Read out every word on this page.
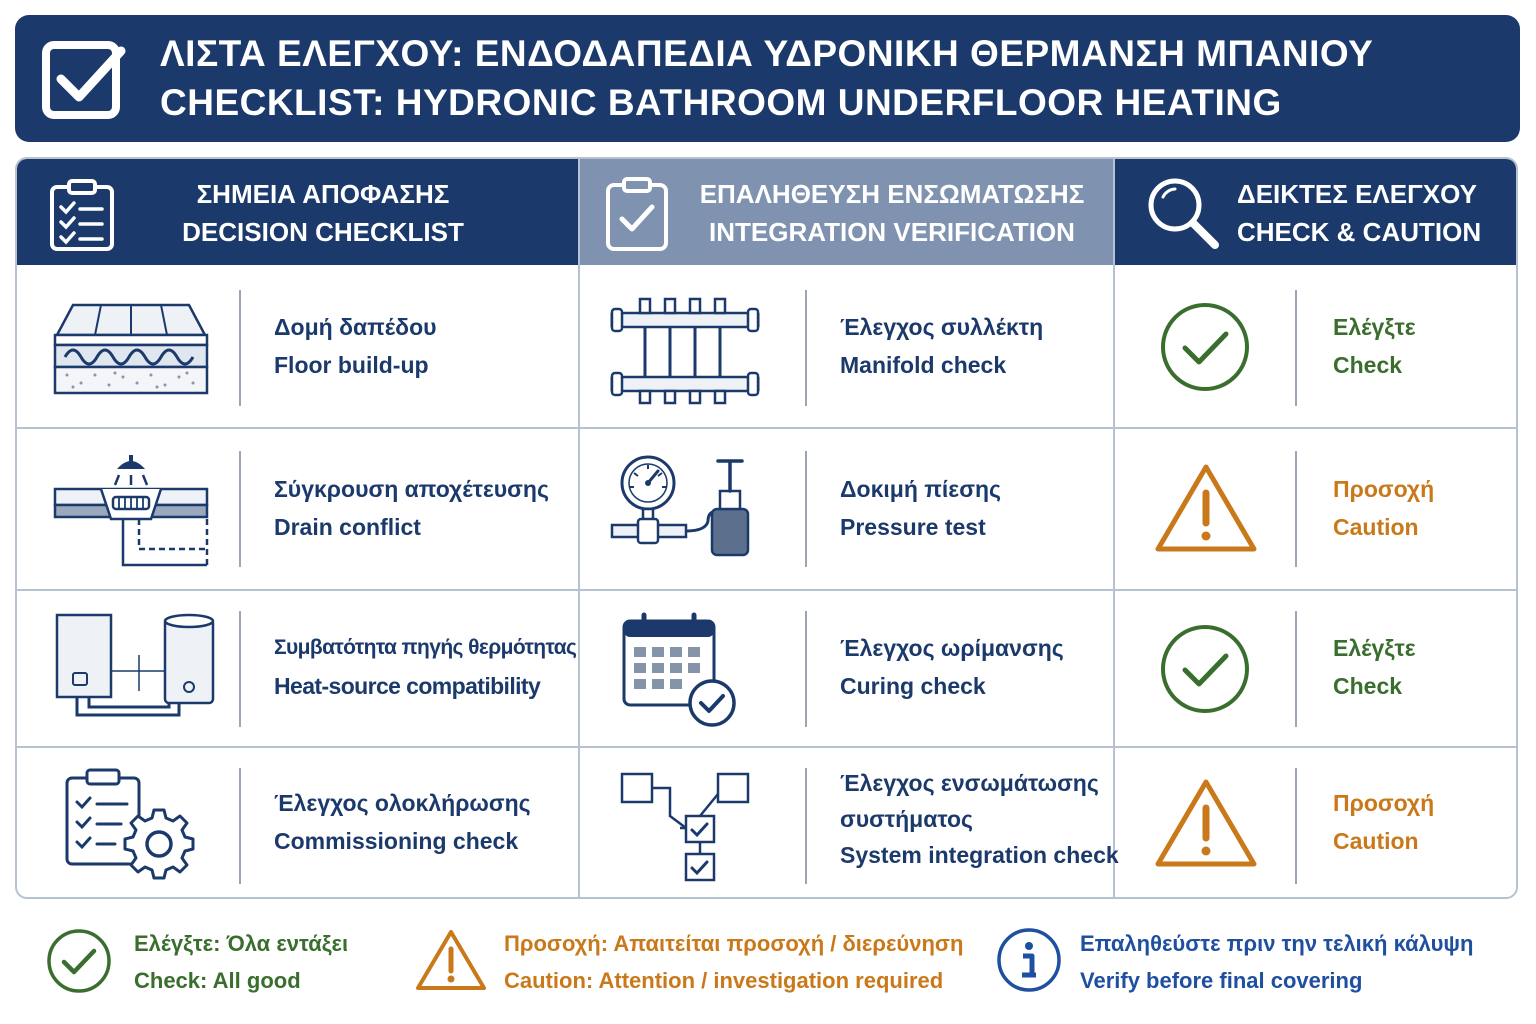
ΛΙΣΤΑ ΕΛΕΓΧΟΥ: ΕΝΔΟΔΑΠΕΔΙΑ ΥΔΡΟΝΙΚΗ ΘΕΡΜΑΝΣΗ ΜΠΑΝΙΟΥ
CHECKLIST: HYDRONIC BATHROOM UNDERFLOOR HEATING
ΣΗΜΕΙΑ ΑΠΟΦΑΣΗΣ
DECISION CHECKLIST
ΕΠΑΛΗΘΕΥΣΗ ΕΝΣΩΜΑΤΩΣΗΣ
INTEGRATION VERIFICATION
ΔΕΙΚΤΕΣ ΕΛΕΓΧΟΥ
CHECK & CAUTION
Δομή δαπέδου
Floor build-up
Έλεγχος συλλέκτη
Manifold check
Ελέγξτε
Check
Σύγκρουση αποχέτευσης
Drain conflict
Δοκιμή πίεσης
Pressure test
Προσοχή
Caution
Συμβατότητα πηγής θερμότητας
Heat-source compatibility
Έλεγχος ωρίμανσης
Curing check
Ελέγξτε
Check
Έλεγχος ολοκλήρωσης
Commissioning check
Έλεγχος ενσωμάτωσης
συστήματος
System integration check
Προσοχή
Caution
Ελέγξτε: Όλα εντάξει
Check: All good
Προσοχή: Απαιτείται προσοχή / διερεύνηση
Caution: Attention / investigation required
Επαληθεύστε πριν την τελική κάλυψη
Verify before final covering
